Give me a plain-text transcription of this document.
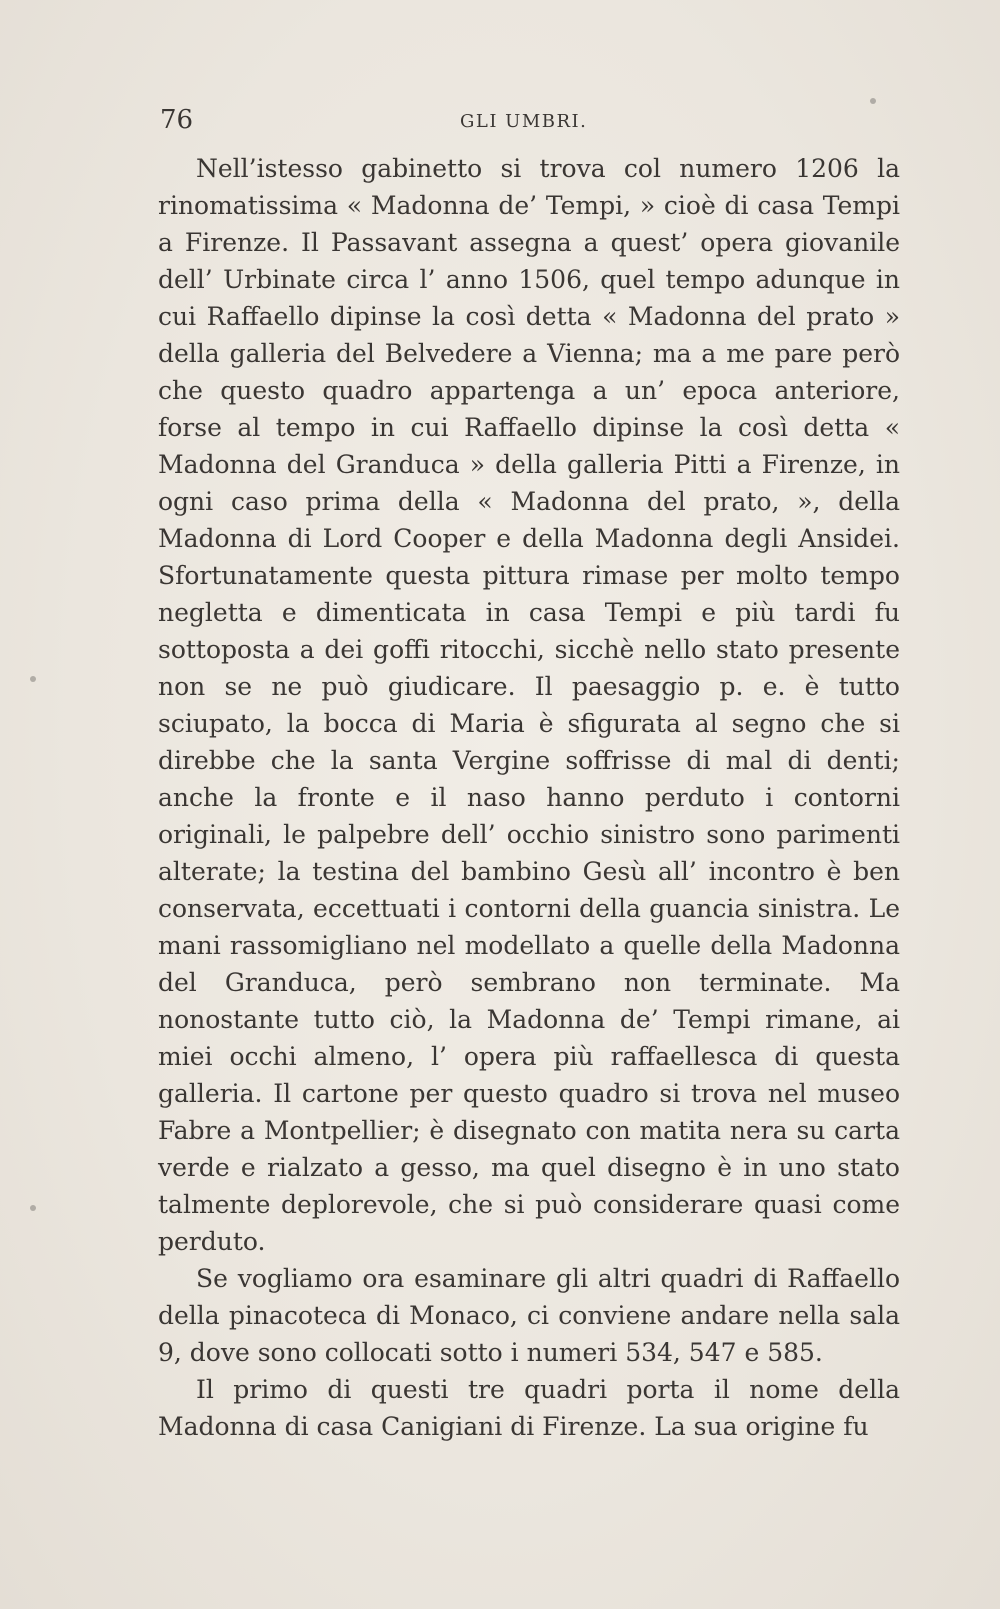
76	GLI UMBRI.

Nell’istesso gabinetto si trova col numero 1206 la rinomatissima « Madonna de’ Tempi, » cioè di casa Tempi a Firenze. Il Passavant assegna a quest’ opera giovanile dell’ Urbinate circa l’ anno 1506, quel tempo adunque in cui Raffaello dipinse la così detta « Madonna del prato » della galleria del Belvedere a Vienna; ma a me pare però che questo quadro appartenga a un’ epoca anteriore, forse al tempo in cui Raffaello dipinse la così detta « Madonna del Granduca » della galleria Pitti a Firenze, in ogni caso prima della « Madonna del prato, », della Madonna di Lord Cooper e della Madonna degli Ansidei. Sfortunatamente questa pittura rimase per molto tempo negletta e dimenticata in casa Tempi e più tardi fu sottoposta a dei goffi ritocchi, sicchè nello stato presente non se ne può giudicare. Il paesaggio p. e. è tutto sciupato, la bocca di Maria è sfigurata al segno che si direbbe che la santa Vergine soffrisse di mal di denti; anche la fronte e il naso hanno perduto i contorni originali, le palpebre dell’ occhio sinistro sono parimenti alterate; la testina del bambino Gesù all’ incontro è ben conservata, eccettuati i contorni della guancia sinistra. Le mani rassomigliano nel modellato a quelle della Madonna del Granduca, però sembrano non terminate. Ma nonostante tutto ciò, la Madonna de’ Tempi rimane, ai miei occhi almeno, l’ opera più raffaellesca di questa galleria. Il cartone per questo quadro si trova nel museo Fabre a Montpellier; è disegnato con matita nera su carta verde e rialzato a gesso, ma quel disegno è in uno stato talmente deplorevole, che si può considerare quasi come perduto.

Se vogliamo ora esaminare gli altri quadri di Raffaello della pinacoteca di Monaco, ci conviene andare nella sala 9, dove sono collocati sotto i numeri 534, 547 e 585.

Il primo di questi tre quadri porta il nome della Madonna di casa Canigiani di Firenze. La sua origine fu
